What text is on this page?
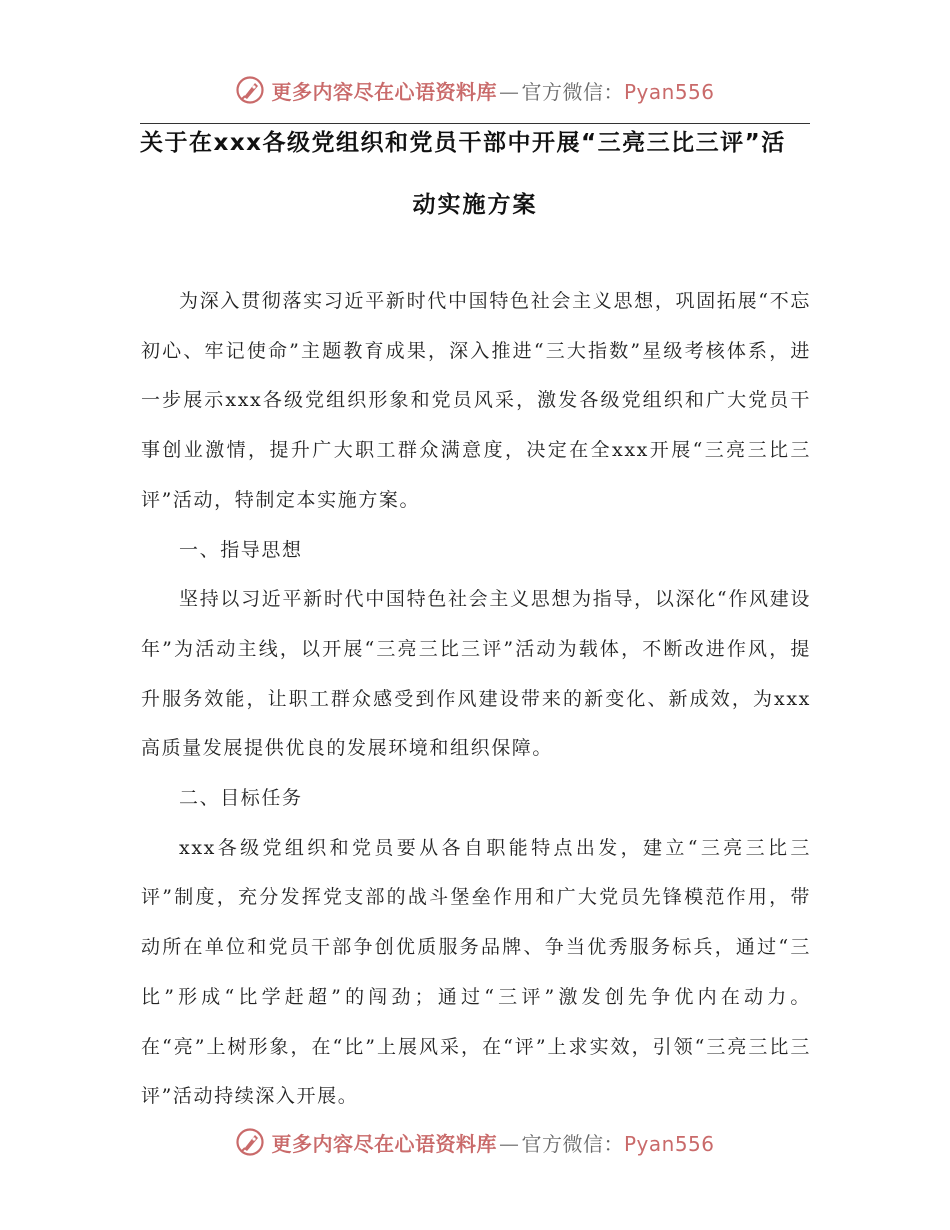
更多内容尽在心语资料库 — 官方微信：Pyan556
关于在xxx各级党组织和党员干部中开展“三亮三比三评”活
动实施方案

为深入贯彻落实习近平新时代中国特色社会主义思想，巩固拓展“不忘初心、牢记使命”主题教育成果，深入推进“三大指数”星级考核体系，进一步展示xxx各级党组织形象和党员风采，激发各级党组织和广大党员干事创业激情，提升广大职工群众满意度，决定在全xxx开展“三亮三比三评”活动，特制定本实施方案。

一、指导思想

坚持以习近平新时代中国特色社会主义思想为指导，以深化“作风建设年”为活动主线，以开展“三亮三比三评”活动为载体，不断改进作风，提升服务效能，让职工群众感受到作风建设带来的新变化、新成效，为xxx高质量发展提供优良的发展环境和组织保障。

二、目标任务

xxx各级党组织和党员要从各自职能特点出发，建立“三亮三比三评”制度，充分发挥党支部的战斗堡垒作用和广大党员先锋模范作用，带动所在单位和党员干部争创优质服务品牌、争当优秀服务标兵，通过“三比”形成“比学赶超”的闯劲；通过“三评”激发创先争优内在动力。在“亮”上树形象，在“比”上展风采，在“评”上求实效，引领“三亮三比三评”活动持续深入开展。

更多内容尽在心语资料库 — 官方微信：Pyan556
